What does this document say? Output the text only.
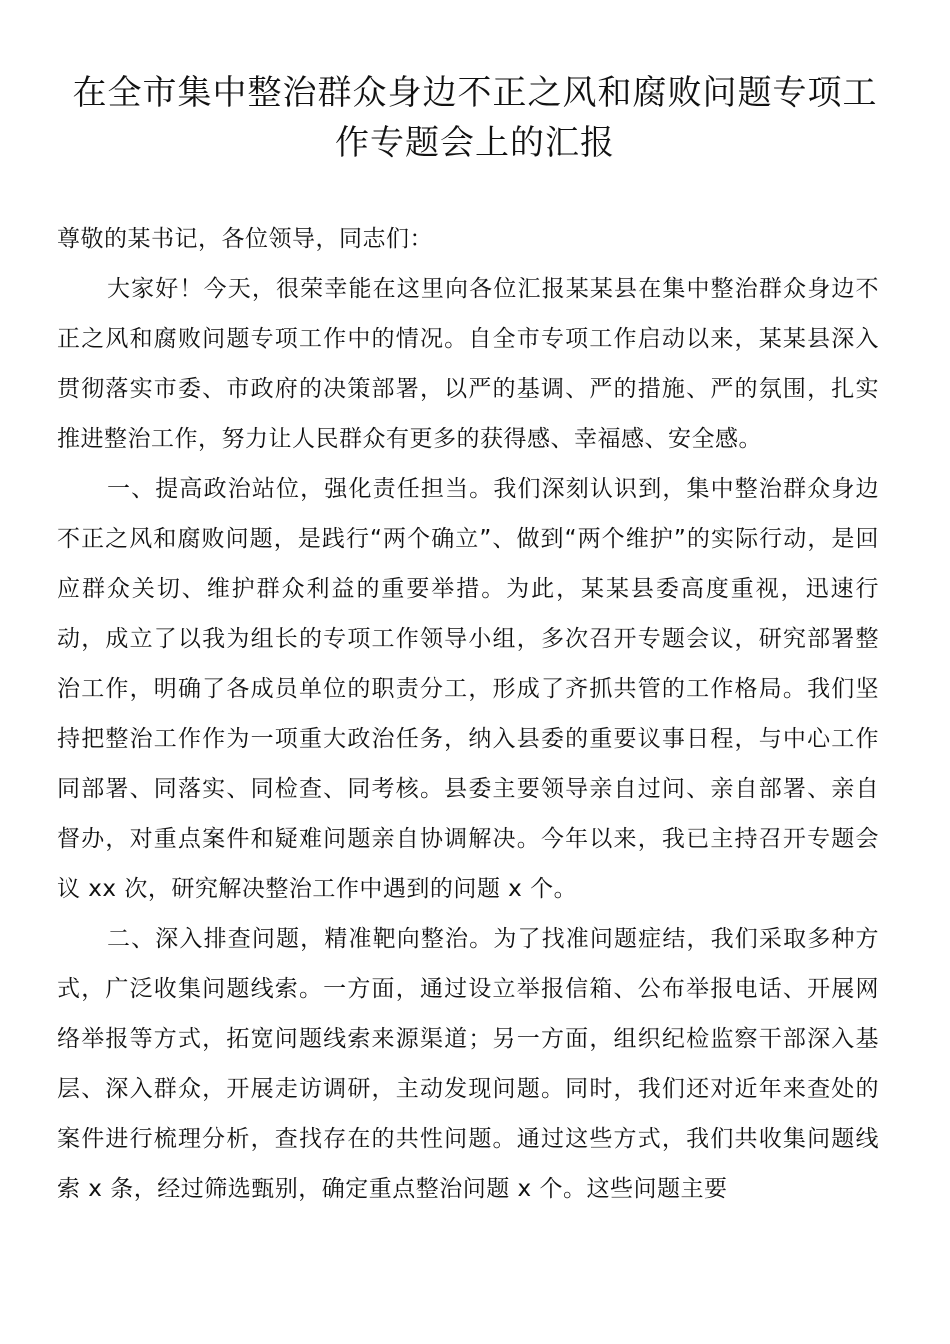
在全市集中整治群众身边不正之风和腐败问题专项工作专题会上的汇报

尊敬的某书记，各位领导，同志们：

大家好！今天，很荣幸能在这里向各位汇报某某县在集中整治群众身边不正之风和腐败问题专项工作中的情况。自全市专项工作启动以来，某某县深入贯彻落实市委、市政府的决策部署，以严的基调、严的措施、严的氛围，扎实推进整治工作，努力让人民群众有更多的获得感、幸福感、安全感。

一、提高政治站位，强化责任担当。我们深刻认识到，集中整治群众身边不正之风和腐败问题，是践行“两个确立”、做到“两个维护”的实际行动，是回应群众关切、维护群众利益的重要举措。为此，某某县委高度重视，迅速行动，成立了以我为组长的专项工作领导小组，多次召开专题会议，研究部署整治工作，明确了各成员单位的职责分工，形成了齐抓共管的工作格局。我们坚持把整治工作作为一项重大政治任务，纳入县委的重要议事日程，与中心工作同部署、同落实、同检查、同考核。县委主要领导亲自过问、亲自部署、亲自督办，对重点案件和疑难问题亲自协调解决。今年以来，我已主持召开专题会议 xx 次，研究解决整治工作中遇到的问题 x 个。

二、深入排查问题，精准靶向整治。为了找准问题症结，我们采取多种方式，广泛收集问题线索。一方面，通过设立举报信箱、公布举报电话、开展网络举报等方式，拓宽问题线索来源渠道；另一方面，组织纪检监察干部深入基层、深入群众，开展走访调研，主动发现问题。同时，我们还对近年来查处的案件进行梳理分析，查找存在的共性问题。通过这些方式，我们共收集问题线索 x 条，经过筛选甄别，确定重点整治问题 x 个。这些问题主要
